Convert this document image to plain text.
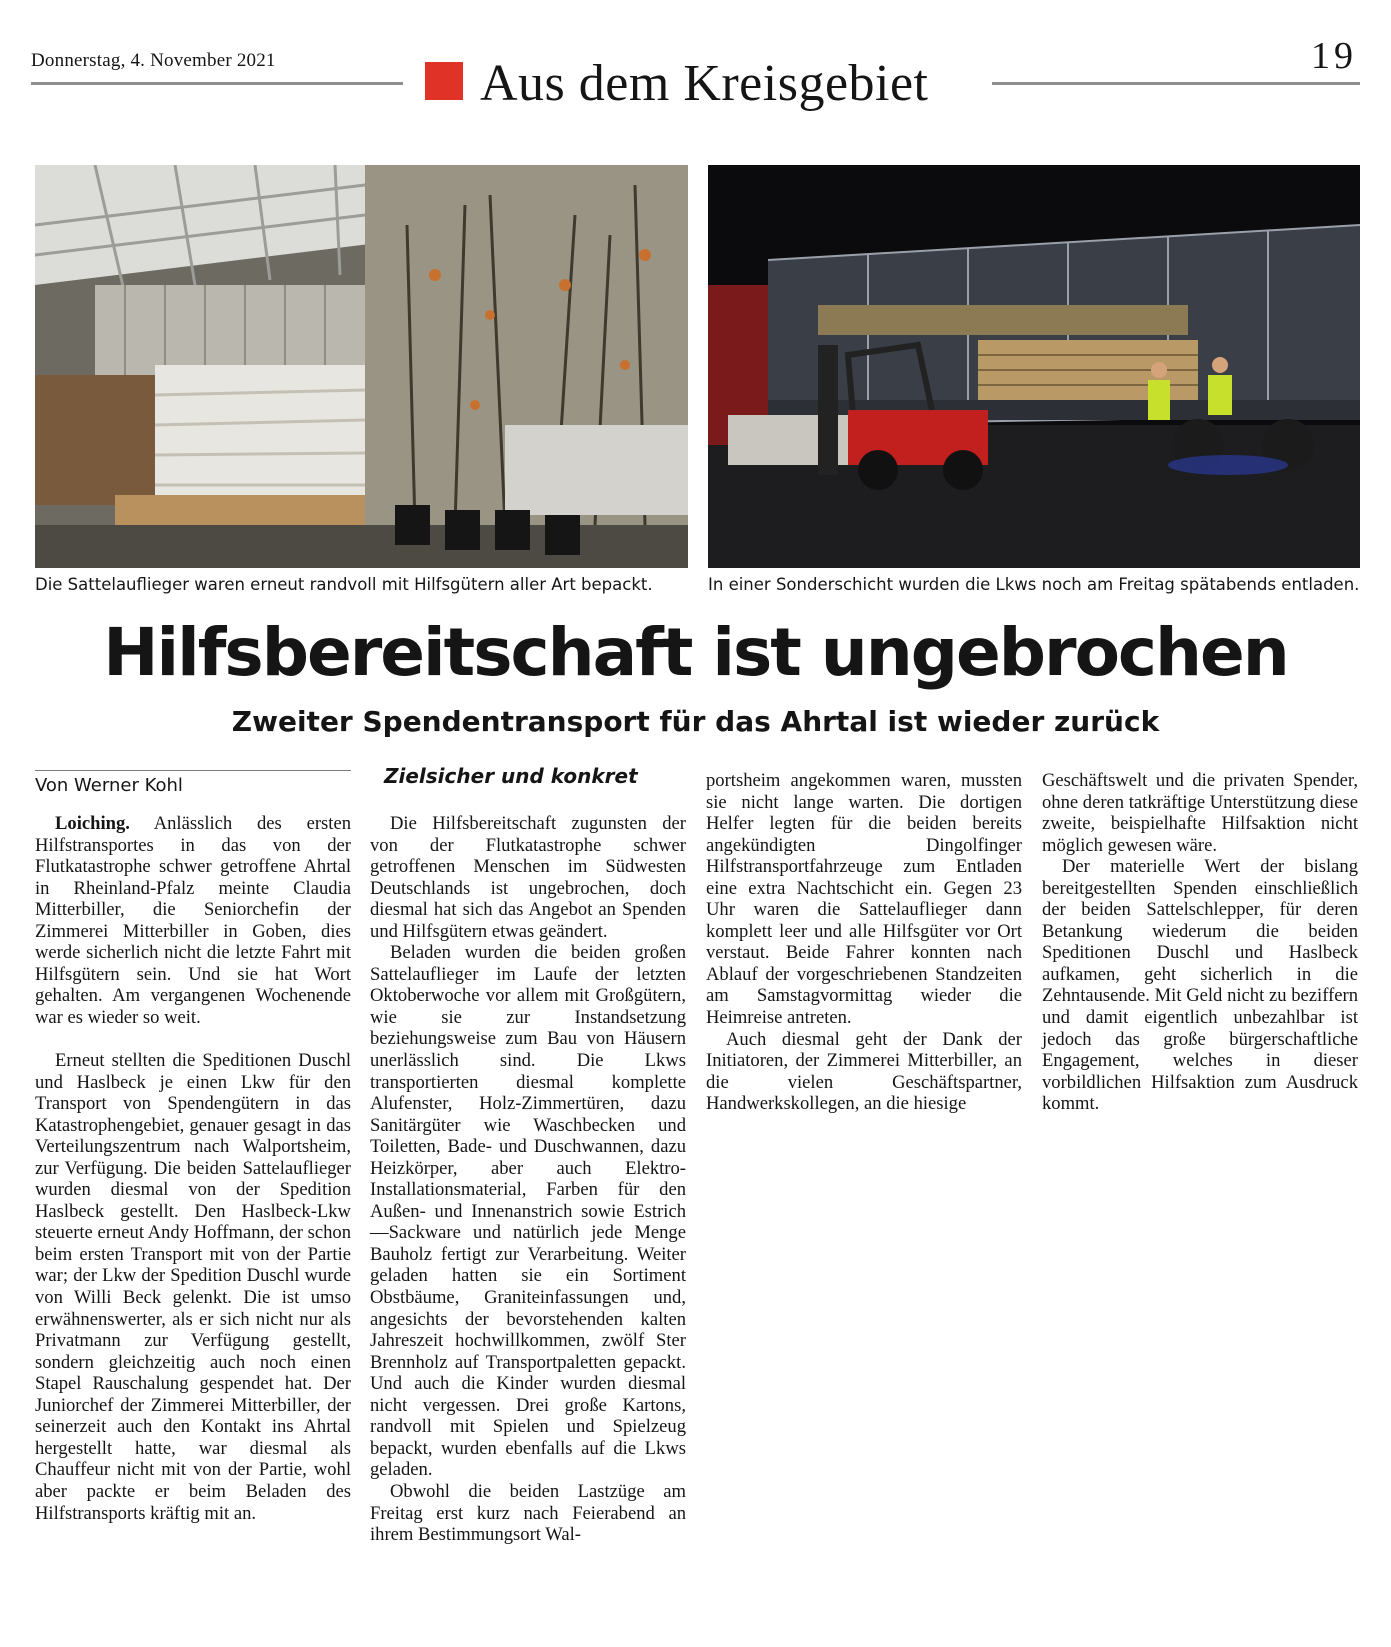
Donnerstag, 4. November 2021	Aus dem Kreisgebiet	19
Die Sattelauflieger waren erneut randvoll mit Hilfsgütern aller Art bepackt.	In einer Sonderschicht wurden die Lkws noch am Freitag spätabends entladen.
Hilfsbereitschaft ist ungebrochen
Zweiter Spendentransport für das Ahrtal ist wieder zurück
Von Werner Kohl	Zielsicher und konkret

Loiching. Anlässlich des ersten Hilfstransportes in das von der Flutkatastrophe schwer getroffene Ahrtal in Rheinland-Pfalz meinte Claudia Mitterbiller, die Seniorchefin der Zimmerei Mitterbiller in Goben, dies werde sicherlich nicht die letzte Fahrt mit Hilfsgütern sein. Und sie hat Wort gehalten. Am vergangenen Wochenende war es wieder so weit.

Erneut stellten die Speditionen Duschl und Haslbeck je einen Lkw für den Transport von Spendengütern in das Katastrophengebiet, genauer gesagt in das Verteilungszentrum nach Walportsheim, zur Verfügung. Die beiden Sattelauflieger wurden diesmal von der Spedition Haslbeck gestellt. Den Haslbeck-Lkw steuerte erneut Andy Hoffmann, der schon beim ersten Transport mit von der Partie war; der Lkw der Spedition Duschl wurde von Willi Beck gelenkt. Die ist umso erwähnenswerter, als er sich nicht nur als Privatmann zur Verfügung gestellt, sondern gleichzeitig auch noch einen Stapel Rauschalung gespendet hat. Der Juniorchef der Zimmerei Mitterbiller, der seinerzeit auch den Kontakt ins Ahrtal hergestellt hatte, war diesmal als Chauffeur nicht mit von der Partie, wohl aber packte er beim Beladen des Hilfstransports kräftig mit an.

Die Hilfsbereitschaft zugunsten der von der Flutkatastrophe schwer getroffenen Menschen im Südwesten Deutschlands ist ungebrochen, doch diesmal hat sich das Angebot an Spenden und Hilfsgütern etwas geändert.

Beladen wurden die beiden großen Sattelauflieger im Laufe der letzten Oktoberwoche vor allem mit Großgütern, wie sie zur Instandsetzung beziehungsweise zum Bau von Häusern unerlässlich sind. Die Lkws transportierten diesmal komplette Alufenster, Holz-Zimmertüren, dazu Sanitärgüter wie Waschbecken und Toiletten, Bade- und Duschwannen, dazu Heizkörper, aber auch Elektro-Installationsmaterial, Farben für den Außen- und Innenanstrich sowie Estrich—Sackware und natürlich jede Menge Bauholz fertigt zur Verarbeitung. Weiter geladen hatten sie ein Sortiment Obstbäume, Graniteinfassungen und, angesichts der bevorstehenden kalten Jahreszeit hochwillkommen, zwölf Ster Brennholz auf Transportpaletten gepackt. Und auch die Kinder wurden diesmal nicht vergessen. Drei große Kartons, randvoll mit Spielen und Spielzeug bepackt, wurden ebenfalls auf die Lkws geladen.

Obwohl die beiden Lastzüge am Freitag erst kurz nach Feierabend an ihrem Bestimmungsort Wal-

portsheim angekommen waren, mussten sie nicht lange warten. Die dortigen Helfer legten für die beiden bereits angekündigten Dingolfinger Hilfstransportfahrzeuge zum Entladen eine extra Nachtschicht ein. Gegen 23 Uhr waren die Sattelauflieger dann komplett leer und alle Hilfsgüter vor Ort verstaut. Beide Fahrer konnten nach Ablauf der vorgeschriebenen Standzeiten am Samstagvormittag wieder die Heimreise antreten.

Auch diesmal geht der Dank der Initiatoren, der Zimmerei Mitterbiller, an die vielen Geschäftspartner, Handwerkskollegen, an die hiesige

Geschäftswelt und die privaten Spender, ohne deren tatkräftige Unterstützung diese zweite, beispielhafte Hilfsaktion nicht möglich gewesen wäre.

Der materielle Wert der bislang bereitgestellten Spenden einschließlich der beiden Sattelschlepper, für deren Betankung wiederum die beiden Speditionen Duschl und Haslbeck aufkamen, geht sicherlich in die Zehntausende. Mit Geld nicht zu beziffern und damit eigentlich unbezahlbar ist jedoch das große bürgerschaftliche Engagement, welches in dieser vorbildlichen Hilfsaktion zum Ausdruck kommt.
